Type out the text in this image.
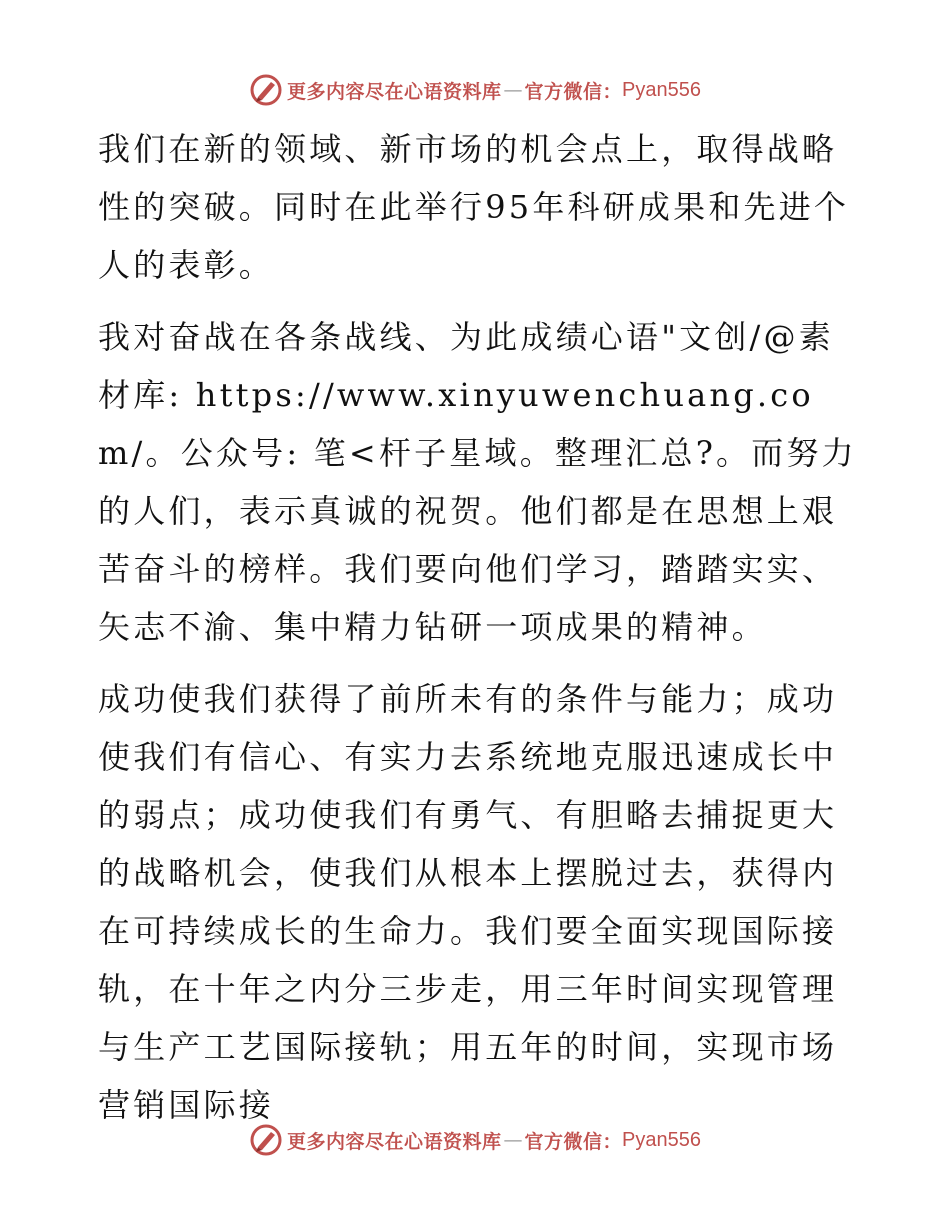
更多内容尽在心语资料库 — 官方微信： Pyan556

我们在新的领域、新市场的机会点上，取得战略性的突破。同时在此举行95年科研成果和先进个人的表彰。

我对奋战在各条战线、为此成绩心语"文创/@素材库: https://www.xinyuwenchuang.com/。公众号: 笔<杆子星域。整理汇总?。而努力的人们，表示真诚的祝贺。他们都是在思想上艰苦奋斗的榜样。我们要向他们学习，踏踏实实、矢志不渝、集中精力钻研一项成果的精神。

成功使我们获得了前所未有的条件与能力；成功使我们有信心、有实力去系统地克服迅速成长中的弱点；成功使我们有勇气、有胆略去捕捉更大的战略机会，使我们从根本上摆脱过去，获得内在可持续成长的生命力。我们要全面实现国际接轨，在十年之内分三步走，用三年时间实现管理与生产工艺国际接轨；用五年的时间，实现市场营销国际接

更多内容尽在心语资料库 — 官方微信： Pyan556
